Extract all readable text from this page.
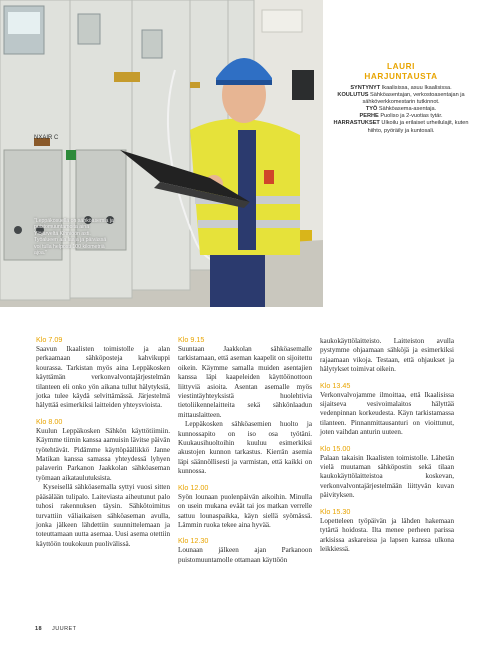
NXAIR C
”Leppäkosuella on sähköasemia ja puistomuuntamoita aina Ylöjärveltä Kihniöön asti. Työalueen ala laaja ja päivässä voi tulla helposti 100 kilometriä ajoa.”
LAURI
HARJUNTAUSTA
SYNTYNYT Ikaalisissa, asuu Ikaalisissa.
KOULUTUS Sähköasentajan, verkostoasentajan ja sähköverkkomestarin tutkinnot.
TYÖ Sähköasema-asentaja.
PERHE Puoliso ja 2-vuotias tytär.
HARRASTUKSET Ulkoilu ja erilaiset urheilulajit, kuten hiihto, pyöräily ja kuntosali.

Klo 7.09

Saavun Ikaalisten toimistolle ja alan perkaamaan sähköposteja kahvikuppi kourassa. Tarkistan myös aina Leppäkosken käyttämän verkonvalvontajärjestelmän tilanteen eli onko yön aikana tullut hälytyksiä, jotka tulee käydä selvittämässä. Järjestelmä hälyttää esimerkiksi laitteiden yhteysvioista.

Klo 8.00

Kuulun Leppäkosken Sähkön käyttötiimiin. Käymme tiimin kanssa aamuisin lävitse päivän työtehtävät. Pidämme käyttöpäällikkö Janne Matikan kanssa samassa yhteydessä lyhyen palaverin Parkanon Jaakkolan sähköaseman työmaan aikataulutuksista.

Kyseisellä sähköasemalla syttyi vuosi sitten pääsälään tulipalo. Laiteviasta aiheutunut palo tuhosi rakennuksen täysin. Sähkötoimitus turvattiin väliaikaisen sähköaseman avulla, jonka jälkeen lähdettiin suunnittelemaan ja toteuttamaan uutta asemaa. Uusi asema otettiin käyttöön toukokuun puolivälissä.

Klo 9.15

Suuntaan Jaakkolan sähköasemalle tarkistamaan, että aseman kaapelit on sijoitettu oikein. Käymme samalla muiden asentajien kanssa läpi kaapeleiden käyttöönottoon liittyviä asioita. Asentan asemalle myös viestintäyhteyksistä huolehtivia tietoliikennelaitteita sekä sähkönlaadun mittauslaitteen.

Leppäkosken sähköasemien huolto ja kunnossapito on iso osa työtäni. Kuukausihuoltoihin kuuluu esimerkiksi akustojen kunnon tarkastus. Kierrän asemia läpi säännöllisesti ja varmistan, että kaikki on kunnossa.

Klo 12.00

Syön lounaan puolenpäivän aikoihin. Minulla on usein mukana eväät tai jos matkan verrelle sattuu lounaspaikka, käyn siellä syömässä. Lämmin ruoka tekee aina hyvää.

Klo 12.30

Lounaan jälkeen ajan Parkanoon puistomuuntamolle ottamaan käyttöön

kaukokäyttölaitteisto. Laitteiston avulla pystymme ohjaamaan sähköjä ja esimerkiksi rajaamaan vikoja. Testaan, että ohjaukset ja hälytykset toimivat oikein.

Klo 13.45

Verkonvalvojamme ilmoittaa, että Ikaalisissa sijaitseva vesivoimalaitos hälyttää vedenpinnan korkeudesta. Käyn tarkistamassa tilanteen. Pinnanmittausanturi on vioittunut, joten vaihdan anturin uuteen.

Klo 15.00

Palaan takaisin Ikaalisten toimistolle. Lähetän vielä muutaman sähköpostin sekä tilaan kaukokäyttölaitteistoa koskevan, verkonvalvontajärjestelmään liittyvän kuvan päivityksen.

Klo 15.30

Lopetteleen työpäivän ja lähden hakemaan tytärtä hoidosta. Ilta menee perheen parissa arkisissa askareissa ja lapsen kanssa ulkona leikkiessä.

18 JUURET
